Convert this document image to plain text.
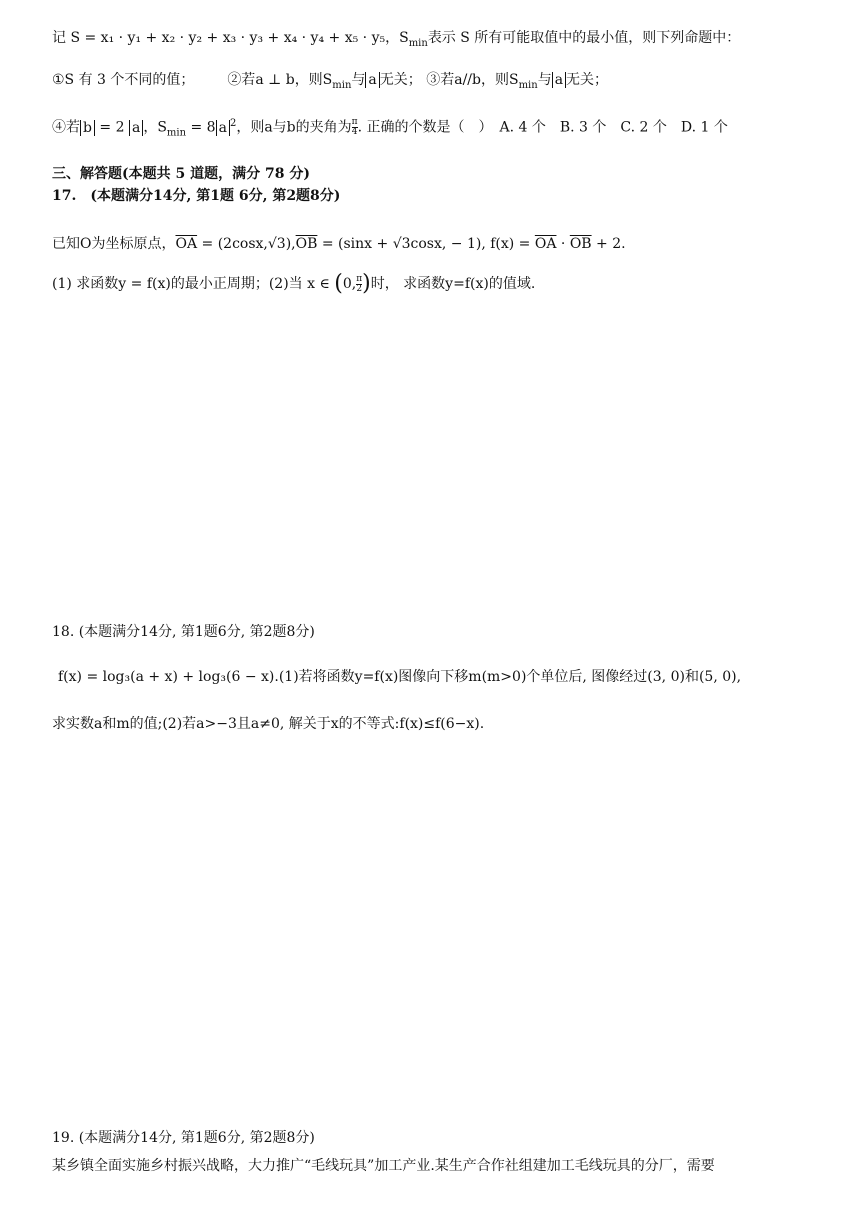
记 S = x₁ · y₁ + x₂ · y₂ + x₃ · y₃ + x₄ · y₄ + x₅ · y₅，$S_{min}$表示 S 所有可能取值中的最小值，则下列命题中：
①S 有 3 个不同的值； ②若a ⊥ b，则$S_{min}$与 a 无关； ③若a//b，则$S_{min}$与 a 无关；
④若 b = 2 a ，$S_{min} = 8$ a $^2$，则a与b的夹角为 $\frac{\pi}{4}$ . 正确的个数是（　）　A. 4 个　B. 3 个　C. 2 个　D. 1 个
三、解答题(本题共 5 道题，满分 78 分)
17.　(本题满分14分, 第1题 6分, 第2题8分)
已知O为坐标原点，$\overline{OA} = (2\cos x,√3),\overline{OB} = (\sin x + √3\cos x$, − 1), $f(x) = \overline{OA} \cdot \overline{OB} + 2$.
(1) 求函数y = f(x)的最小正周期；(2)当 x ∈ (0, $\frac{\pi}{2}$ )时， 求函数y=f(x)的值域.
18. (本题满分14分, 第1题6分, 第2题8分)
f(x) = log₃(a + x) + log₃(6 − x).(1)若将函数y=f(x)图像向下移m(m>0)个单位后, 图像经过(3, 0)和(5, 0),
求实数a和m的值;(2)若a>−3且a≠0, 解关于x的不等式:f(x)≤f(6−x).
19. (本题满分14分, 第1题6分, 第2题8分)
某乡镇全面实施乡村振兴战略，大力推广“毛线玩具”加工产业.某生产合作社组建加工毛线玩具的分厂，需要
